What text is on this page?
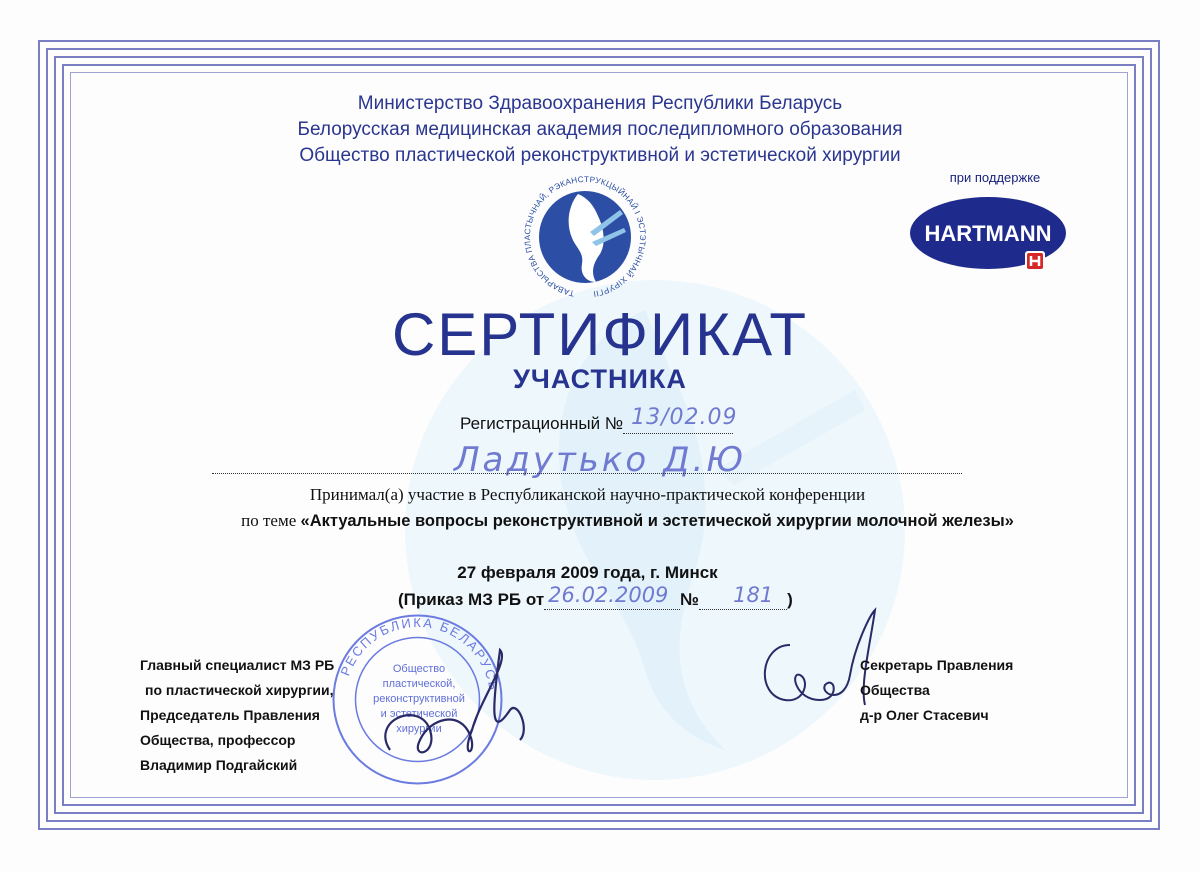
Министерство Здравоохранения Республики Беларусь
Белорусская медицинская академия последипломного образования
Общество пластической реконструктивной и эстетической хирургии
ТАВАРЫСТВА ПЛАСТЫЧНАЙ, РЭКАНСТРУКЦЫЙНАЙ І ЭСТЭТЫЧНАЙ ХІРУРГІІ
при поддержке
HARTMANN
СЕРТИФИКАТ
УЧАСТНИКА
Регистрационный № 13/02.09
Ладутько Д.Ю
Принимал(а) участие в Республиканской научно-практической конференции
по теме «Актуальные вопросы реконструктивной и эстетической хирургии молочной железы»
27 февраля 2009 года, г. Минск
(Приказ МЗ РБ от 26.02.2009 № 181 )
РЕСПУБЛИКА БЕЛАРУСЬ
Общество
пластической,
реконструктивной
и эстетической
хирургии
Главный специалист МЗ РБ
по пластической хирургии,
Председатель Правления
Общества, профессор
Владимир Подгайский
Секретарь Правления
Общества
д-р Олег Стасевич
